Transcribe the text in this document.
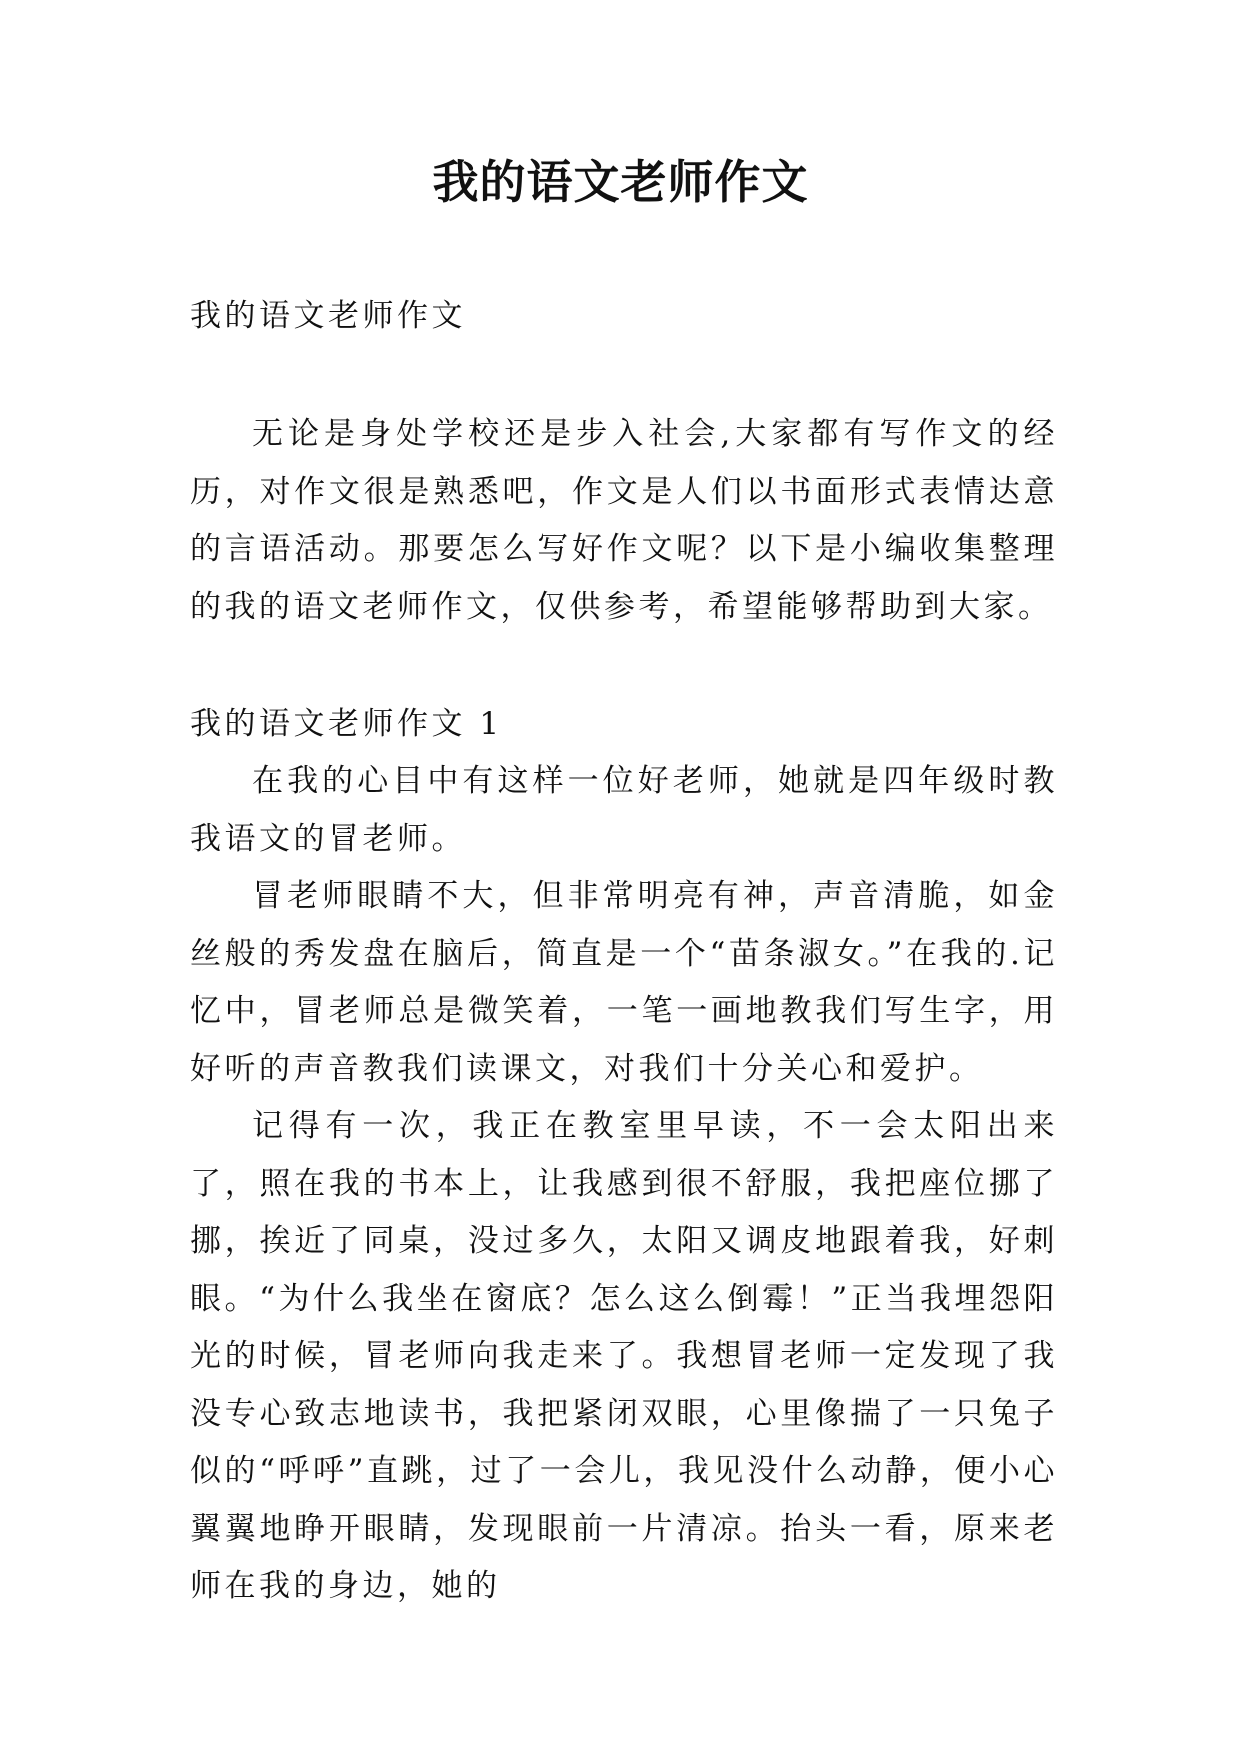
我的语文老师作文
我的语文老师作文

无论是身处学校还是步入社会,大家都有写作文的经历，对作文很是熟悉吧，作文是人们以书面形式表情达意的言语活动。那要怎么写好作文呢？以下是小编收集整理的我的语文老师作文，仅供参考，希望能够帮助到大家。

我的语文老师作文 1

在我的心目中有这样一位好老师，她就是四年级时教我语文的冒老师。

冒老师眼睛不大，但非常明亮有神，声音清脆，如金丝般的秀发盘在脑后，简直是一个“苗条淑女。”在我的.记忆中，冒老师总是微笑着，一笔一画地教我们写生字，用好听的声音教我们读课文，对我们十分关心和爱护。

记得有一次，我正在教室里早读，不一会太阳出来了，照在我的书本上，让我感到很不舒服，我把座位挪了挪，挨近了同桌，没过多久，太阳又调皮地跟着我，好刺眼。“为什么我坐在窗底？怎么这么倒霉！”正当我埋怨阳光的时候，冒老师向我走来了。我想冒老师一定发现了我没专心致志地读书，我把紧闭双眼，心里像揣了一只兔子似的“呼呼”直跳，过了一会儿，我见没什么动静，便小心翼翼地睁开眼睛，发现眼前一片清凉。抬头一看，原来老师在我的身边，她的
